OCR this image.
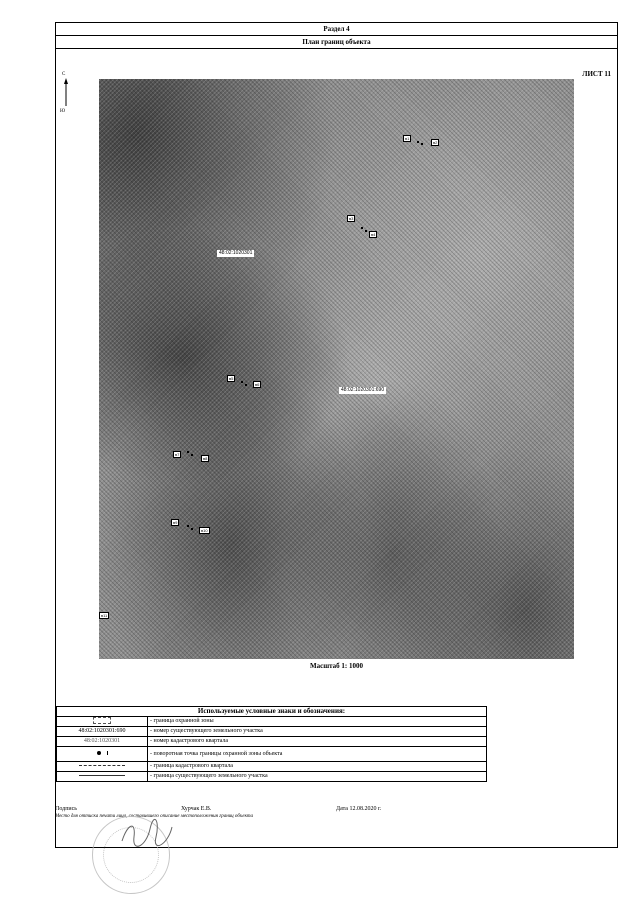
Раздел 4
План границ объекта
ЛИСТ 11
С
Ю
в1
в2
в3
в4
в5
в6
в7
в8
в9
в10
в11
48:02:1020301
48:02:1020301:690
Масштаб 1: 1000
Используемые условные знаки и обозначения:	
	- граница охранной зоны
48:02:1020301:690	- номер существующего земельного участка
48:02:1020301	- номер кадастрового квартала
	- поворотная точка границы охранной зоны объекта
	- граница кадастрового квартала
	- граница существующего земельного участка
Подпись	Хурчак Е.В.	Дата 12.08.2020 г.
Место для оттиска печати лица, составившего описание местоположения границ объекта
